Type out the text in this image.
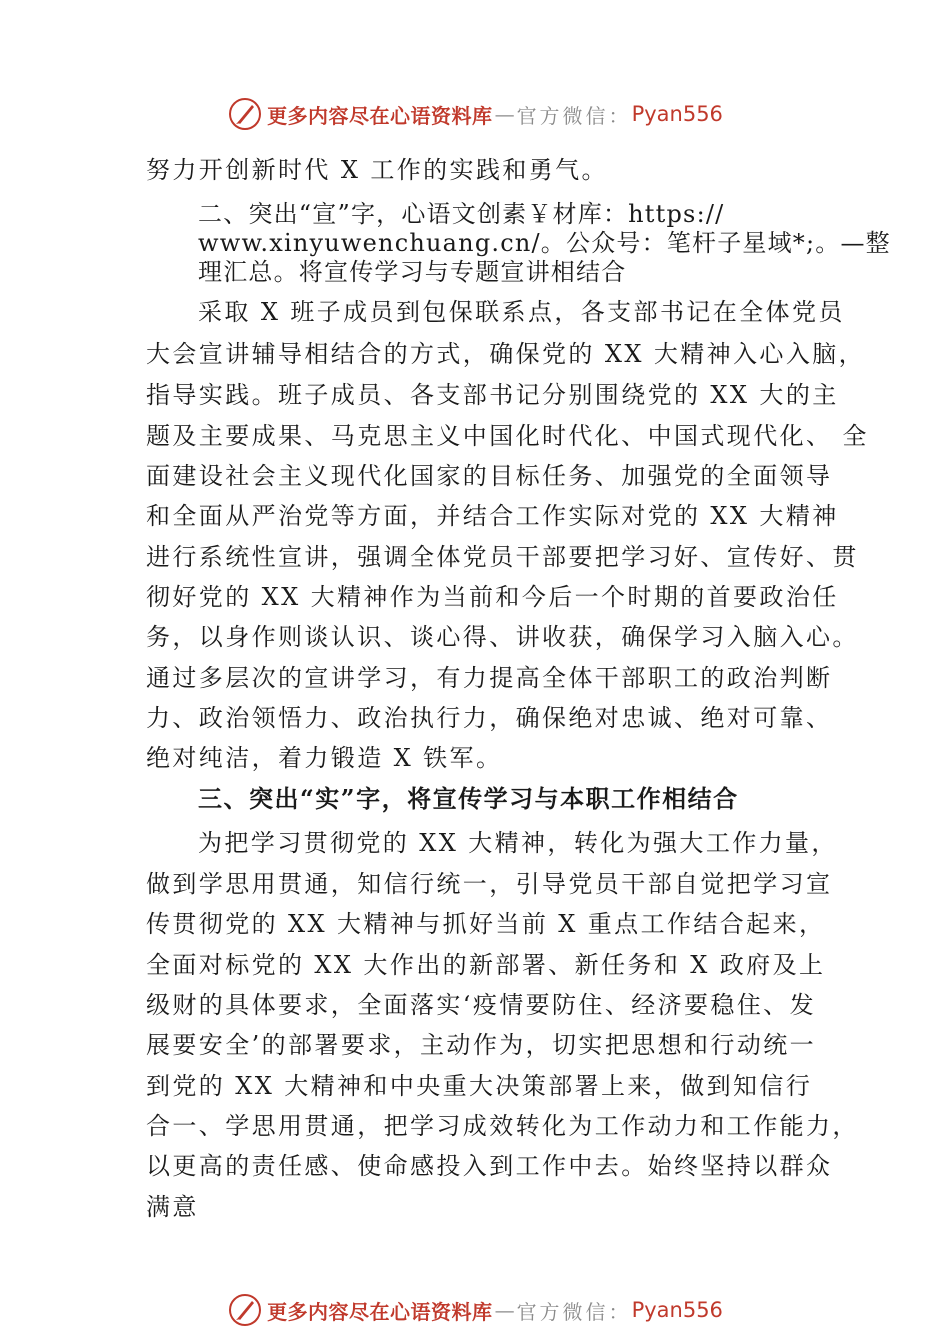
更多内容尽在心语资料库 — 官方微信： Pyan556
努力开创新时代 X 工作的实践和勇气。
二、突出“宣”字，心语文创素￥材库：https://
www.xinyuwenchuang.cn/。公众号：笔杆子星域*;。—整
理汇总。将宣传学习与专题宣讲相结合
采取 X 班子成员到包保联系点，各支部书记在全体党员
大会宣讲辅导相结合的方式，确保党的 XX 大精神入心入脑，
指导实践。班子成员、各支部书记分别围绕党的 XX 大的主
题及主要成果、马克思主义中国化时代化、中国式现代化、 全
面建设社会主义现代化国家的目标任务、加强党的全面领导
和全面从严治党等方面，并结合工作实际对党的 XX 大精神
进行系统性宣讲，强调全体党员干部要把学习好、宣传好、贯
彻好党的 XX 大精神作为当前和今后一个时期的首要政治任
务，以身作则谈认识、谈心得、讲收获，确保学习入脑入心。
通过多层次的宣讲学习，有力提高全体干部职工的政治判断
力、政治领悟力、政治执行力，确保绝对忠诚、绝对可靠、
绝对纯洁，着力锻造 X 铁军。
三、突出“实”字，将宣传学习与本职工作相结合
为把学习贯彻党的 XX 大精神，转化为强大工作力量，
做到学思用贯通，知信行统一，引导党员干部自觉把学习宣
传贯彻党的 XX 大精神与抓好当前 X 重点工作结合起来，
全面对标党的 XX 大作出的新部署、新任务和 X 政府及上
级财的具体要求，全面落实‘疫情要防住、经济要稳住、发
展要安全’的部署要求，主动作为，切实把思想和行动统一
到党的 XX 大精神和中央重大决策部署上来，做到知信行
合一、学思用贯通，把学习成效转化为工作动力和工作能力，
以更高的责任感、使命感投入到工作中去。始终坚持以群众
满意
更多内容尽在心语资料库 — 官方微信： Pyan556
